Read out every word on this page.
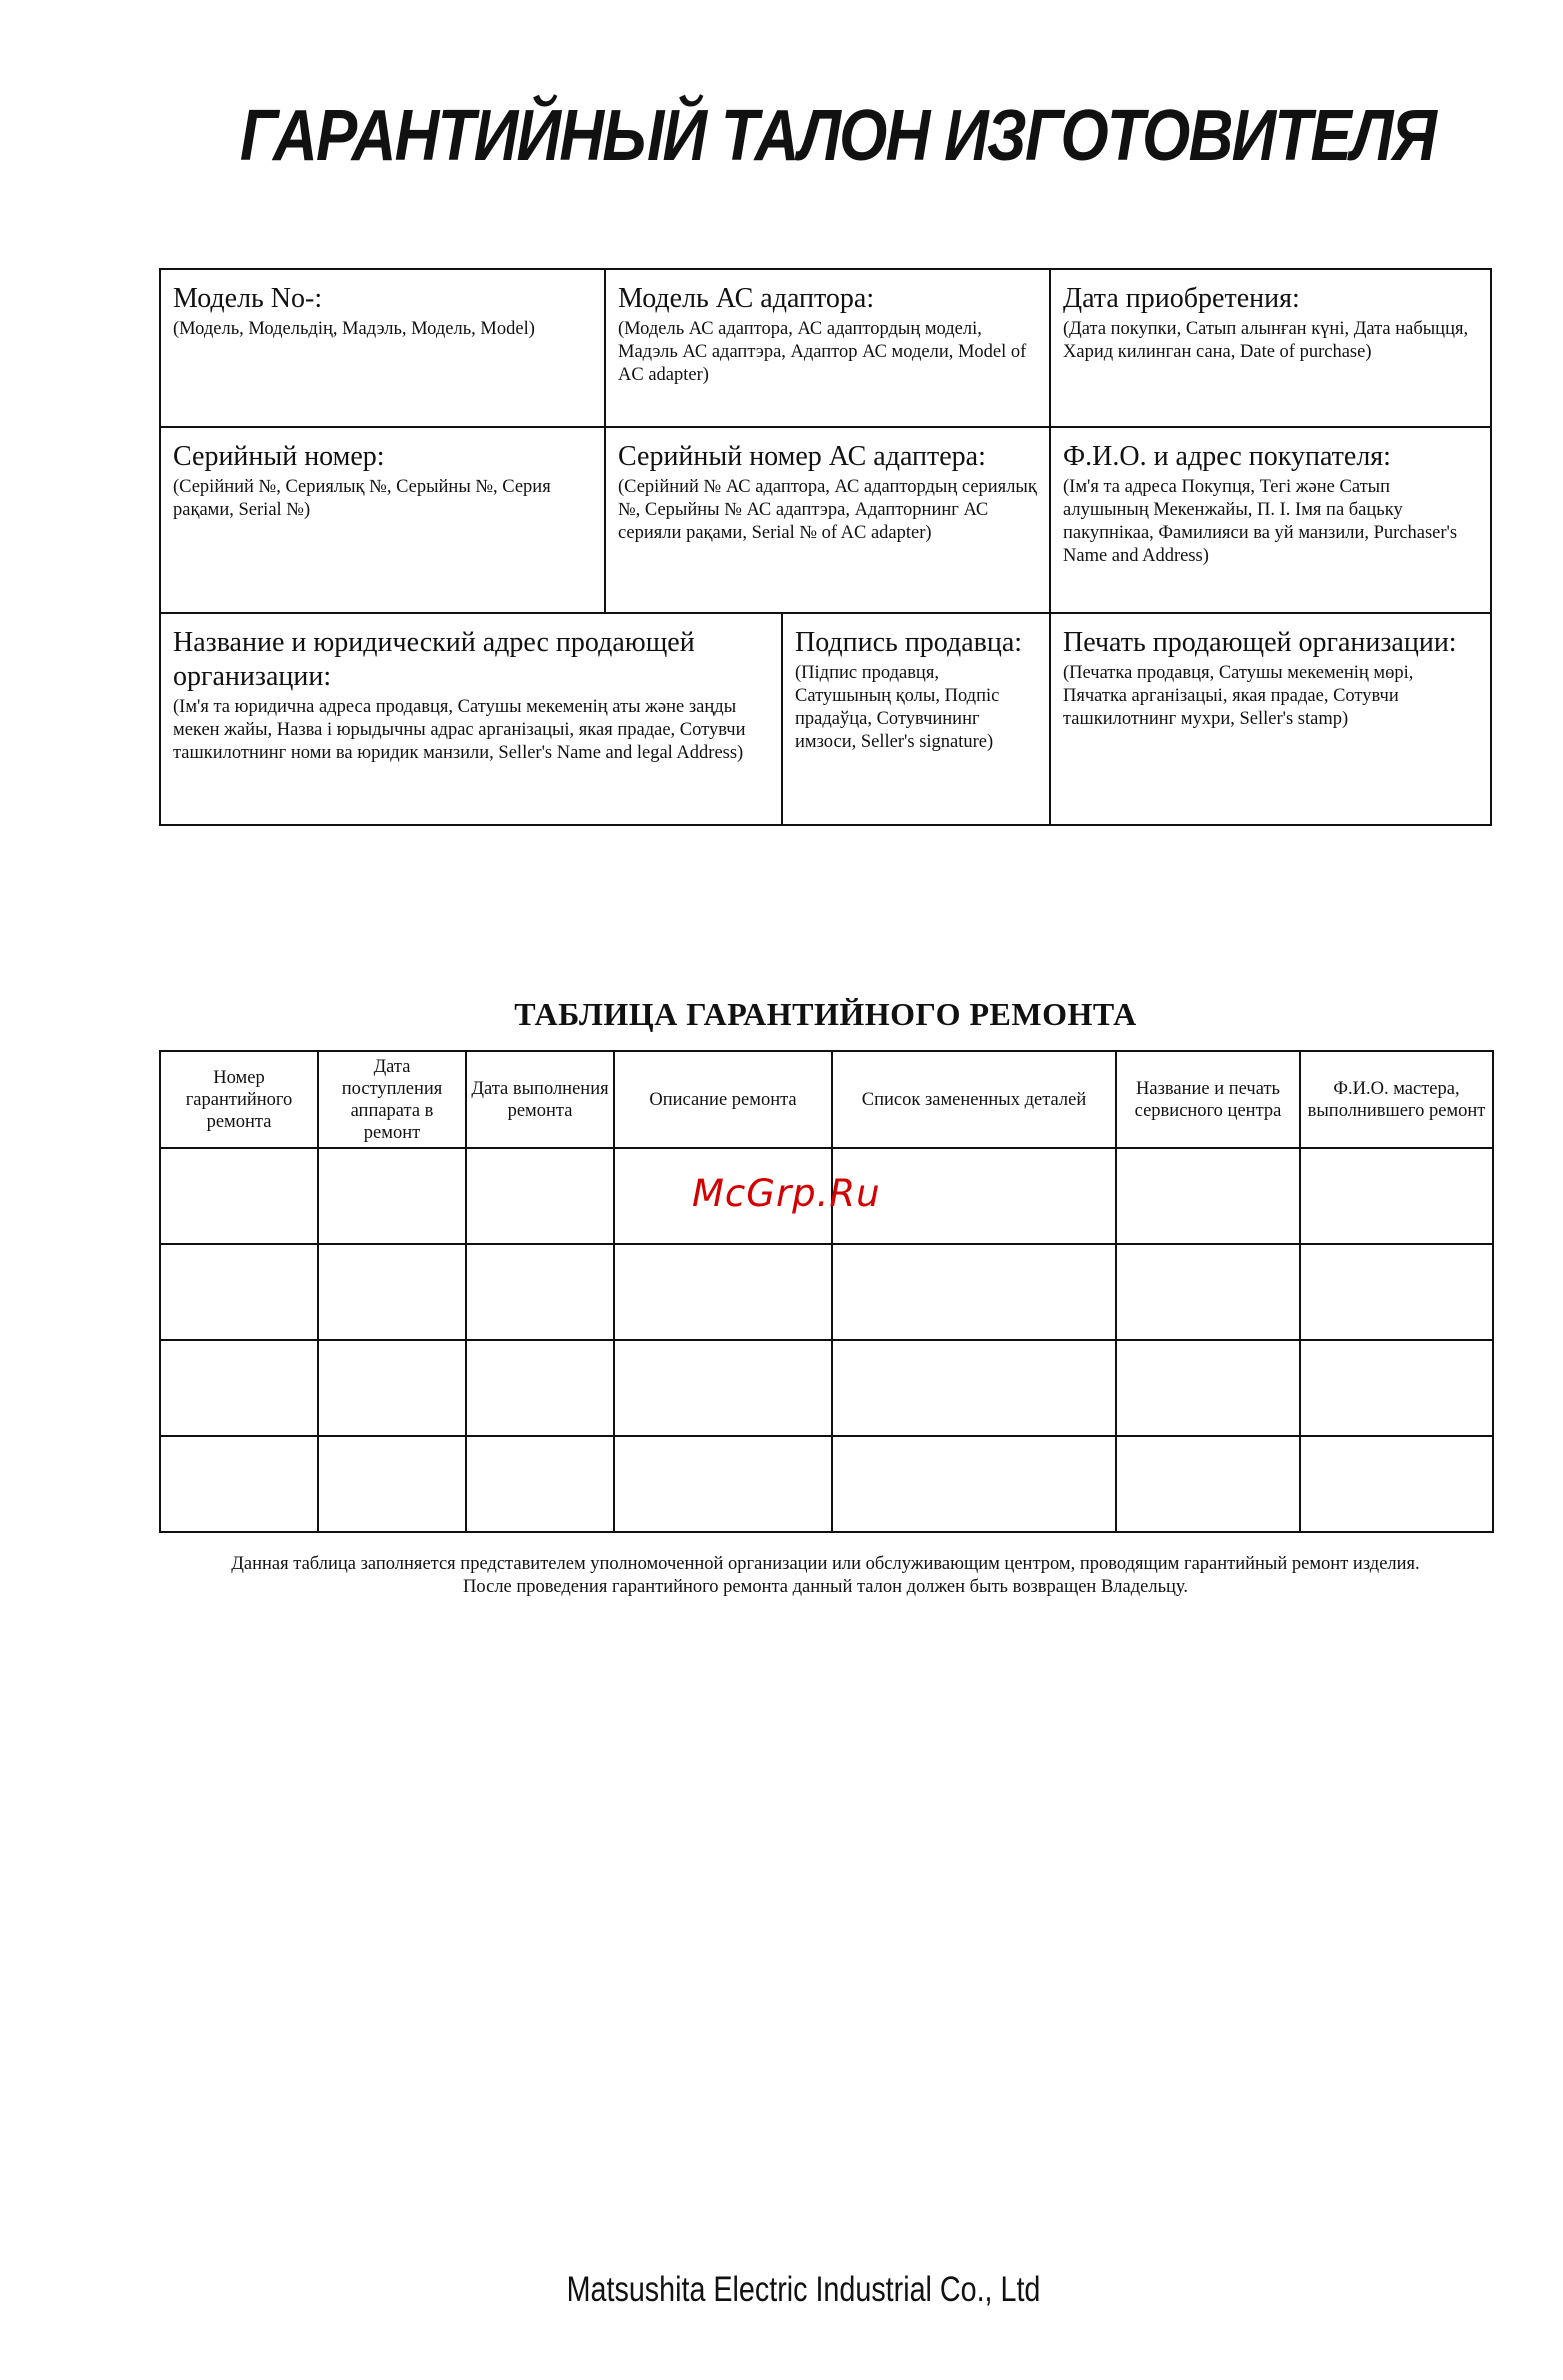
ГАРАНТИЙНЫЙ ТАЛОН ИЗГОТОВИТЕЛЯ
Модель No-:
(Модель, Модельдің, Мадэль, Модель, Model)
Модель АС адаптора:
(Модель АС адаптора, АС адаптордың моделі, Мадэль АС адаптэра, Адаптор АС модели, Model of AC adapter)
Дата приобретения:
(Дата покупки, Сатып алынған күні, Дата набыцця, Харид килинган сана, Date of purchase)
Серийный номер:
(Серійний №, Сериялық №, Серыйны №, Серия рақами, Serial №)
Серийный номер АС адаптера:
(Серійний № АС адаптора, АС адаптордың сериялық №, Серыйны № АС адаптэра, Адапторнинг АС серияли рақами, Serial № of AC adapter)
Ф.И.О. и адрес покупателя:
(Ім'я та адреса Покупця, Тегі және Сатып алушының Мекенжайы, П. І. Імя па бацьку пакупнікаа, Фамилияси ва уй манзили, Purchaser's Name and Address)
Название и юридический адрес продающей организации:
(Ім'я та юридична адреса продавця, Сатушы мекеменің аты және заңды мекен жайы, Назва і юрыдычны адрас арганізацыі, якая прадае, Сотувчи ташкилотнинг номи ва юридик манзили, Seller's Name and legal Address)
Подпись продавца:
(Підпис продавця, Сатушының қолы, Подпіс прадаўца, Сотувчининг имзоси, Seller's signature)
Печать продающей организации:
(Печатка продавця, Сатушы мекеменің мөрі, Пячатка арганізацыі, якая прадае, Сотувчи ташкилотнинг мухри, Seller's stamp)
ТАБЛИЦА ГАРАНТИЙНОГО РЕМОНТА
Номер гарантийного ремонта	Дата поступления аппарата в ремонт	Дата выполнения ремонта	Описание ремонта	Список замененных деталей	Название и печать сервисного центра	Ф.И.О. мастера, выполнившего ремонт

McGrp.Ru
Данная таблица заполняется представителем уполномоченной организации или обслуживающим центром, проводящим гарантийный ремонт изделия.
После проведения гарантийного ремонта данный талон должен быть возвращен Владельцу.
Matsushita Electric Industrial Co., Ltd
